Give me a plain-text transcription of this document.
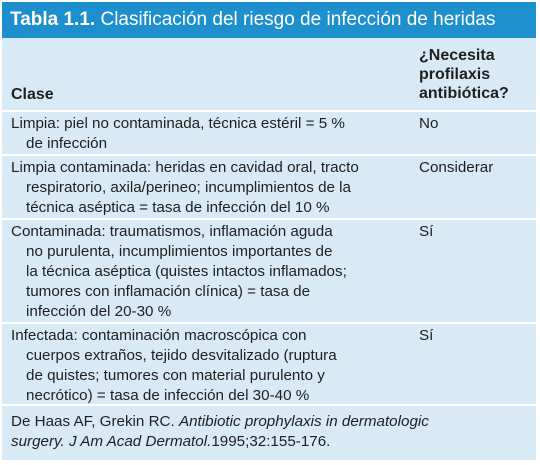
Tabla 1.1. Clasificación del riesgo de infección de heridas
Clase
¿Necesita
profilaxis
antibiótica?
Limpia: piel no contaminada, técnica estéril = 5 %
de infección
No
Limpia contaminada: heridas en cavidad oral, tracto
respiratorio, axila/perineo; incumplimientos de la
técnica aséptica = tasa de infección del 10 %
Considerar
Contaminada: traumatismos, inflamación aguda
no purulenta, incumplimientos importantes de
la técnica aséptica (quistes intactos inflamados;
tumores con inflamación clínica) = tasa de
infección del 20-30 %
Sí
Infectada: contaminación macroscópica con
cuerpos extraños, tejido desvitalizado (ruptura
de quistes; tumores con material purulento y
necrótico) = tasa de infección del 30-40 %
Sí
De Haas AF, Grekin RC. Antibiotic prophylaxis in dermatologic
surgery. J Am Acad Dermatol.1995;32:155-176.
